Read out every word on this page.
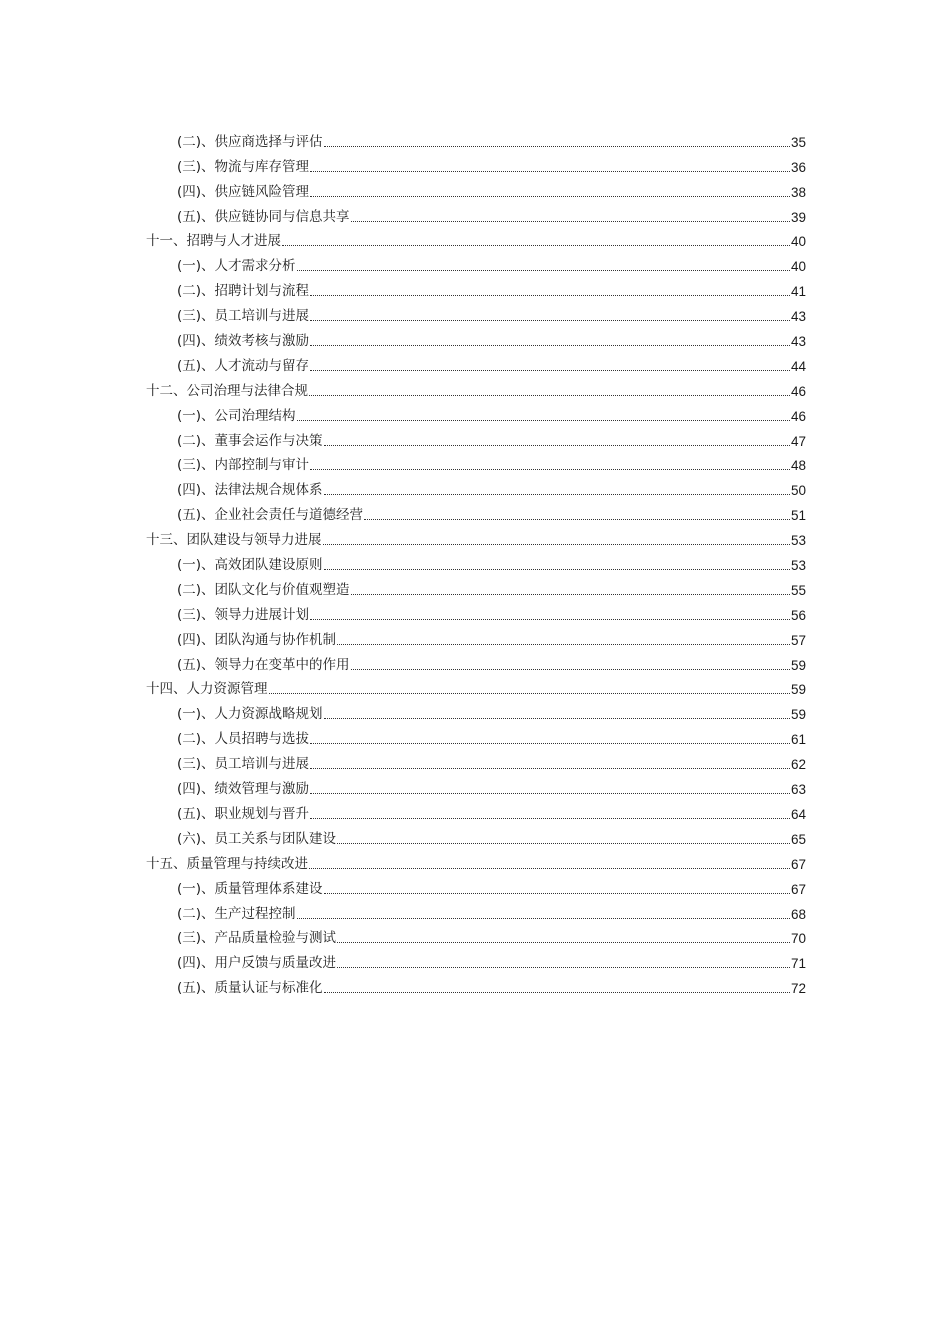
(二)、供应商选择与评估	35
(三)、物流与库存管理	36
(四)、供应链风险管理	38
(五)、供应链协同与信息共享	39
十一、招聘与人才进展	40
(一)、人才需求分析	40
(二)、招聘计划与流程	41
(三)、员工培训与进展	43
(四)、绩效考核与激励	43
(五)、人才流动与留存	44
十二、公司治理与法律合规	46
(一)、公司治理结构	46
(二)、董事会运作与决策	47
(三)、内部控制与审计	48
(四)、法律法规合规体系	50
(五)、企业社会责任与道德经营	51
十三、团队建设与领导力进展	53
(一)、高效团队建设原则	53
(二)、团队文化与价值观塑造	55
(三)、领导力进展计划	56
(四)、团队沟通与协作机制	57
(五)、领导力在变革中的作用	59
十四、人力资源管理	59
(一)、人力资源战略规划	59
(二)、人员招聘与选拔	61
(三)、员工培训与进展	62
(四)、绩效管理与激励	63
(五)、职业规划与晋升	64
(六)、员工关系与团队建设	65
十五、质量管理与持续改进	67
(一)、质量管理体系建设	67
(二)、生产过程控制	68
(三)、产品质量检验与测试	70
(四)、用户反馈与质量改进	71
(五)、质量认证与标准化	72
